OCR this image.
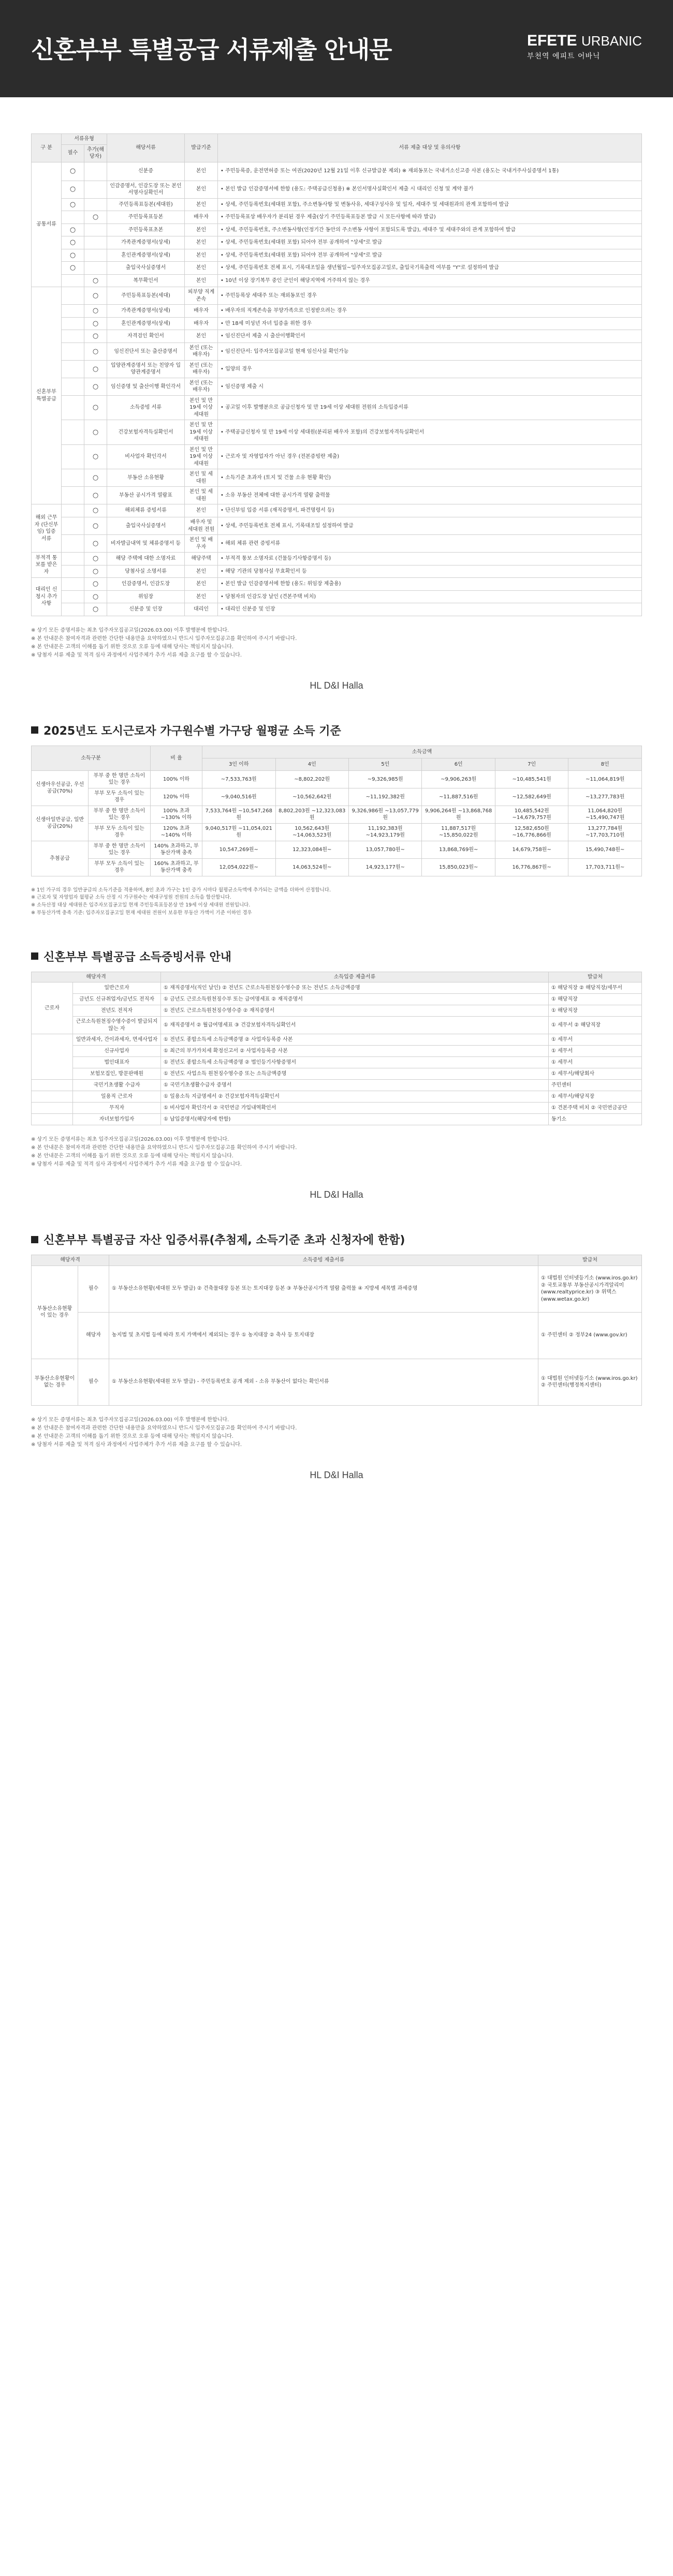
신혼부부 특별공급 서류제출 안내문	EFETE URBANIC
부천역 에피트 어바닉
구 분	서류유형		해당서류	발급기준	서류 제출 대상 및 유의사항
	필수	추가(해당자)			
공통서류	○		신분증	본인	• 주민등록증, 운전면허증 또는 여권(2020년 12월 21일 이후 신규발급분 제외) ※ 재외동포는 국내거소신고증 사본 (용도는 국내거주사실증명서 1통)
	○		인감증명서, 인감도장 또는 본인서명사실확인서	본인	• 본인 발급 인감증명서에 한함 (용도: 주택공급신청용) ※ 본인서명사실확인서 제출 시 대리인 신청 및 계약 불가
	○		주민등록표등본(세대원)	본인	• 상세, 주민등록번호(세대원 포함), 주소변동사항 및 변동사유, 세대구성사유 및 일자, 세대주 및 세대원과의 관계 포함하여 발급
		○	주민등록표등본	배우자	• 주민등록표상 배우자가 분리된 경우 제출(상기 주민등록표등본 발급 시 모든사항에 따라 발급)
	○		주민등록표초본	본인	• 상세, 주민등록번호, 주소변동사항(인정기간 동안의 주소변동 사항이 포함되도록 발급), 세대주 및 세대주와의 관계 포함하여 발급
	○		가족관계증명서(상세)	본인	• 상세, 주민등록번호(세대원 포함) 되어야 전부 공개하여 "상세"로 발급
	○		혼인관계증명서(상세)	본인	• 상세, 주민등록번호(세대원 포함) 되어야 전부 공개하여 "상세"로 발급
	○		출입국사실증명서	본인	• 상세, 주민등록번호 전체 표시, 기록대조일을 생년월일~입주자모집공고일로, 출입국기록출력 여부를 "Y"로 설정하여 발급
		○	복무확인서	본인	• 10년 이상 장기복무 중인 군인이 해당지역에 거주하지 않는 경우
신혼부부특별공급		○	주민등록표등본(세대)	피부양 직계존속	• 주민등록상 세대주 또는 재외동포인 경우
		○	가족관계증명서(상세)	배우자	• 배우자의 직계존속을 부양가족으로 인정받으려는 경우
		○	혼인관계증명서(상세)	배우자	• 만 18세 미성년 자녀 입증을 위한 경우
		○	자격검인 확인서	본인	• 임신진단서 제출 시 출산이행확인서
		○	임신진단서 또는 출산증명서	본인 (또는 배우자)	• 임신진단서: 입주자모집공고일 현재 임신사실 확인가능
		○	입양관계증명서 또는 친양자 입양관계증명서	본인 (또는 배우자)	• 입양의 경우
		○	임신증명 및 출산이행 확인각서	본인 (또는 배우자)	• 임신증명 제출 시
		○	소득증빙 서류	본인 및 만 19세 이상 세대원	• 공고일 이후 발행분으로 공급신청자 및 만 19세 이상 세대원 전원의 소득입증서류
		○	건강보험자격득실확인서	본인 및 만 19세 이상 세대원	• 주택공급신청자 및 만 19세 이상 세대원(분리된 배우자 포함)의 건강보험자격득실확인서
		○	비사업자 확인각서	본인 및 만 19세 이상 세대원	• 근로자 및 자영업자가 아닌 경우 (전본증빙란 제출)
		○	부동산 소유현황	본인 및 세대원	• 소득기준 초과자 (토지 및 건물 소유 현황 확인)
		○	부동산 공시가격 열람표	본인 및 세대원	• 소유 부동산 전체에 대한 공시가격 열람 출력물
해외 근무자 (단신부임) 입증 서류		○	해외체류 증빙서류	본인	• 단신부임 입증 서류 (재직증명서, 파견명령서 등)
		○	출입국사실증명서	배우자 및 세대원 전원	• 상세, 주민등록번호 전체 표시, 기록대조일 설정하여 발급
		○	비자발급내역 및 체류증명서 등	본인 및 배우자	• 해외 체류 관련 증빙서류
부적격 통보를 받은 자		○	해당 주택에 대한 소명자료	해당주택	• 부적격 통보 소명자료 (건물등기사항증명서 등)
		○	당첨사실 소명서류	본인	• 해당 기관의 당첨사실 무효확인서 등
대리인 신청시 추가사항		○	인감증명서, 인감도장	본인	• 본인 발급 인감증명서에 한함 (용도: 위임장 제출용)
		○	위임장	본인	• 당첨자의 인감도장 날인 (견본주택 비치)
		○	신분증 및 인장	대리인	• 대리인 신분증 및 인장
※ 상기 모든 증명서류는 최초 입주자모집공고일(2026.03.00) 이후 발행분에 한합니다.
※ 본 안내문은 참여자격과 관련한 간단한 내용만을 요약하였으니 반드시 입주자모집공고를 확인하여 주시기 바랍니다.
※ 본 안내문은 고객의 이해를 돕기 위한 것으로 오류 등에 대해 당사는 책임지지 않습니다.
※ 당첨자 서류 제출 및 적격 심사 과정에서 사업주체가 추가 서류 제출 요구를 할 수 있습니다.
HL D&I Halla
2025년도 도시근로자 가구원수별 가구당 월평균 소득 기준
소득구분		비 율	소득금액					
			3인 이하	4인	5인	6인	7인	8인
신생아우선공급, 우선공급(70%)	부부 중 한 명만 소득이 있는 경우	100% 이하	~7,533,763원	~8,802,202원	~9,326,985원	~9,906,263원	~10,485,541원	~11,064,819원
	부부 모두 소득이 있는 경우	120% 이하	~9,040,516원	~10,562,642원	~11,192,382원	~11,887,516원	~12,582,649원	~13,277,783원
신생아일반공급, 일반공급(20%)	부부 중 한 명만 소득이 있는 경우	100% 초과 ~130% 이하	7,533,764원 ~10,547,268원	8,802,203원 ~12,323,083원	9,326,986원 ~13,057,779원	9,906,264원 ~13,868,768원	10,485,542원 ~14,679,757원	11,064,820원 ~15,490,747원
	부부 모두 소득이 있는 경우	120% 초과 ~140% 이하	9,040,517원 ~11,054,021원	10,562,643원 ~14,063,523원	11,192,383원 ~14,923,179원	11,887,517원 ~15,850,022원	12,582,650원 ~16,776,866원	13,277,784원 ~17,703,710원
추첨공급	부부 중 한 명만 소득이 있는 경우	140% 초과하고, 부동산가액 충족	10,547,269원~	12,323,084원~	13,057,780원~	13,868,769원~	14,679,758원~	15,490,748원~
	부부 모두 소득이 있는 경우	160% 초과하고, 부동산가액 충족	12,054,022원~	14,063,524원~	14,923,177원~	15,850,023원~	16,776,867원~	17,703,711원~
※ 1인 가구의 경우 일반공급의 소득기준을 적용하며, 8인 초과 가구는 1인 증가 시마다 월평균소득액에 추가되는 금액을 더하여 산정합니다.
※ 근로자 및 자영업자 월평균 소득 산정 시 가구원수는 세대구성원 전원의 소득을 합산합니다.
※ 소득산정 대상 세대원은 입주자모집공고일 현재 주민등록표등본상 만 19세 이상 세대원 전원입니다.
※ 부동산가액 충족 기준: 입주자모집공고일 현재 세대원 전원이 보유한 부동산 가액이 기준 이하인 경우
신혼부부 특별공급 소득증빙서류 안내
해당자격		소득입증 제출서류	발급처
근로자	일반근로자	① 재직증명서(직인 날인) ② 전년도 근로소득원천징수영수증 또는 전년도 소득금액증명	① 해당직장 ② 해당직장/세무서
	금년도 신규취업자/금년도 전직자	① 금년도 근로소득원천징수부 또는 급여명세표 ② 재직증명서	① 해당직장
	전년도 전직자	① 전년도 근로소득원천징수영수증 ② 재직증명서	① 해당직장
	근로소득원천징수영수증이 발급되지 않는 자	① 재직증명서 ② 월급여명세표 ③ 건강보험자격득실확인서	① 세무서 ② 해당직장
	일반과세자, 간이과세자, 면세사업자	① 전년도 종합소득세 소득금액증명 ② 사업자등록증 사본	① 세무서
	신규사업자	① 최근의 부가가치세 확정신고서 ② 사업자등록증 사본	① 세무서
	법인대표자	① 전년도 종합소득세 소득금액증명 ② 법인등기사항증명서	① 세무서
	보험모집인, 방문판매원	① 전년도 사업소득 원천징수영수증 또는 소득금액증명	① 세무서/해당회사
	국민기초생활 수급자	① 국민기초생활수급자 증명서	주민센터
	일용직 근로자	① 일용소득 지급명세서 ② 건강보험자격득실확인서	① 세무서/해당직장
	무직자	① 비사업자 확인각서 ② 국민연금 가입내역확인서	① 견본주택 비치 ② 국민연금공단
	자녀보험가입자	① 납입증명서(해당자에 한함)	동기소
※ 상기 모든 증명서류는 최초 입주자모집공고일(2026.03.00) 이후 발행분에 한합니다.
※ 본 안내문은 참여자격과 관련한 간단한 내용만을 요약하였으니 반드시 입주자모집공고를 확인하여 주시기 바랍니다.
※ 본 안내문은 고객의 이해를 돕기 위한 것으로 오류 등에 대해 당사는 책임지지 않습니다.
※ 당첨자 서류 제출 및 적격 심사 과정에서 사업주체가 추가 서류 제출 요구를 할 수 있습니다.
HL D&I Halla
신혼부부 특별공급 자산 입증서류(추첨제, 소득기준 초과 신청자에 한함)
해당자격		소득증빙 제출서류	발급처
부동산소유현황 이 있는 경우	필수	① 부동산소유현황(세대원 모두 발급) ② 건축물대장 등본 또는 토지대장 등본 ③ 부동산공시가격 열람 출력물 ④ 지방세 세목별 과세증명	① 대법원 인터넷등기소 (www.iros.go.kr) ② 국토교통부 부동산공시가격알리미 (www.realtyprice.kr) ③ 위택스(www.wetax.go.kr)
	해당자	농지법 및 초지법 등에 따라 토지 가액에서 제외되는 경우 ① 농지대장 ② 축사 등 토지대장	① 주민센터 ② 정부24 (www.gov.kr)
부동산소유현황이 없는 경우	필수	① 부동산소유현황(세대원 모두 발급) - 주민등록번호 공개 제외 - 소유 부동산이 없다는 확인서류	① 대법원 인터넷등기소 (www.iros.go.kr) ② 주민센터(행정복지센터)
※ 상기 모든 증명서류는 최초 입주자모집공고일(2026.03.00) 이후 발행분에 한합니다.
※ 본 안내문은 참여자격과 관련한 간단한 내용만을 요약하였으니 반드시 입주자모집공고를 확인하여 주시기 바랍니다.
※ 본 안내문은 고객의 이해를 돕기 위한 것으로 오류 등에 대해 당사는 책임지지 않습니다.
※ 당첨자 서류 제출 및 적격 심사 과정에서 사업주체가 추가 서류 제출 요구를 할 수 있습니다.
HL D&I Halla
